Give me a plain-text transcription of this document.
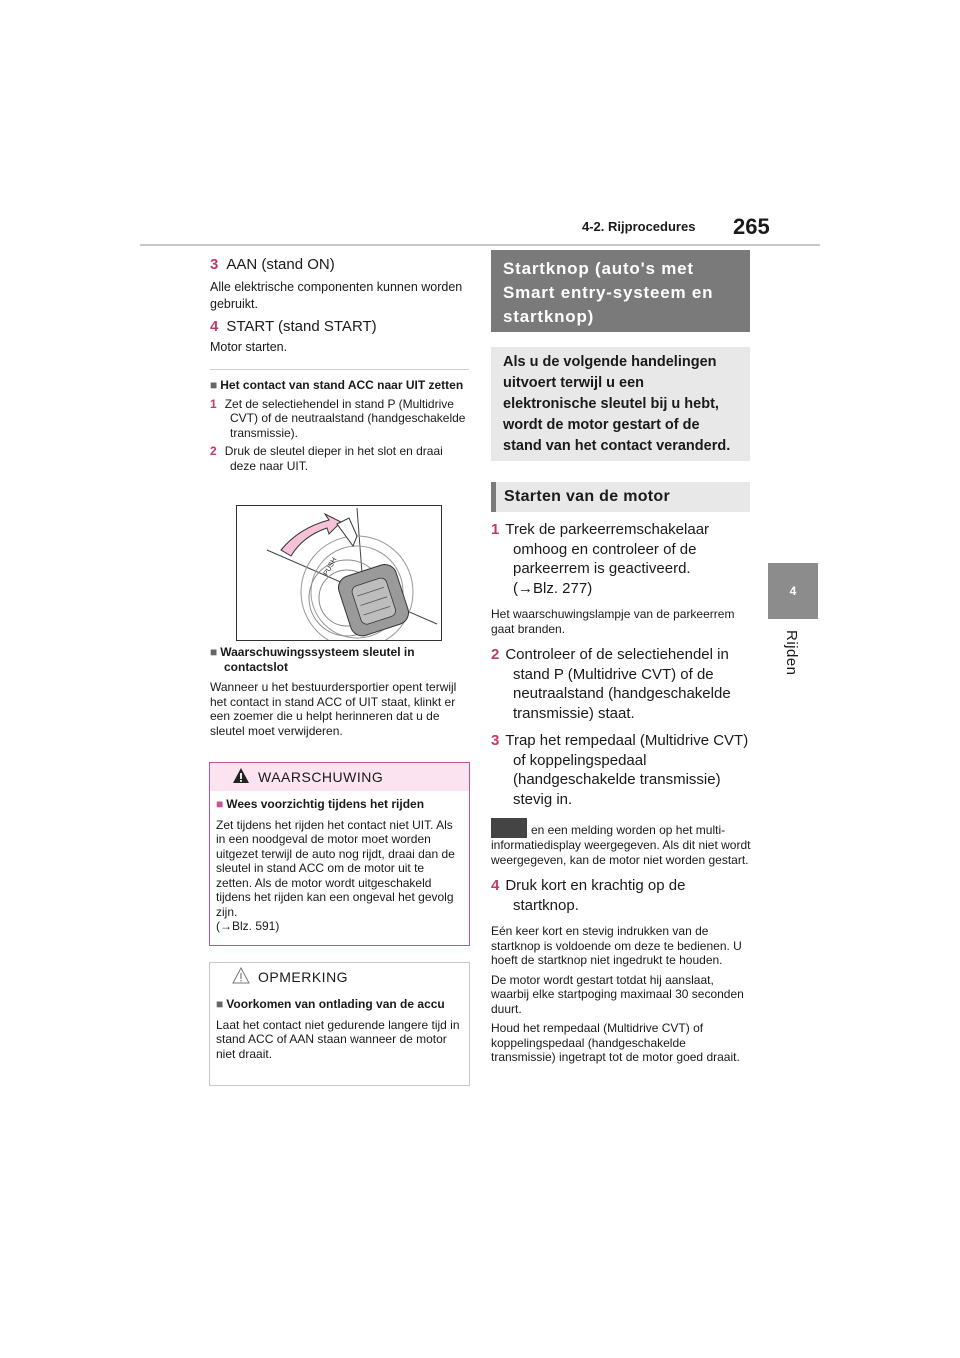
4-2. Rijprocedures 265
4
Rijden
3 AAN (stand ON)
Alle elektrische componenten kunnen worden gebruikt.
4 START (stand START)
Motor starten.
■ Het contact van stand ACC naar UIT zetten
1 Zet de selectiehendel in stand P (Multidrive CVT) of de neutraalstand (handgeschakelde transmissie).
2 Druk de sleutel dieper in het slot en draai deze naar UIT.
PUSH
■ Waarschuwingssysteem sleutel in contactslot
Wanneer u het bestuurdersportier opent terwijl het contact in stand ACC of UIT staat, klinkt er een zoemer die u helpt herinneren dat u de sleutel moet verwijderen.
WAARSCHUWING
■ Wees voorzichtig tijdens het rijden
Zet tijdens het rijden het contact niet UIT. Als in een noodgeval de motor moet worden uitgezet terwijl de auto nog rijdt, draai dan de sleutel in stand ACC om de motor uit te zetten. Als de motor wordt uitgeschakeld tijdens het rijden kan een ongeval het gevolg zijn.
(→Blz. 591)
OPMERKING
■ Voorkomen van ontlading van de accu
Laat het contact niet gedurende langere tijd in stand ACC of AAN staan wanneer de motor niet draait.
Startknop (auto's met Smart entry-systeem en startknop)
Als u de volgende handelingen uitvoert terwijl u een elektronische sleutel bij u hebt, wordt de motor gestart of de stand van het contact veranderd.
Starten van de motor
1 Trek de parkeerremschakelaar omhoog en controleer of de parkeerrem is geactiveerd.
(→Blz. 277)
Het waarschuwingslampje van de parkeerrem gaat branden.
2 Controleer of de selectiehendel in stand P (Multidrive CVT) of de neutraalstand (handgeschakelde transmissie) staat.
3 Trap het rempedaal (Multidrive CVT) of koppelingspedaal (handgeschakelde transmissie) stevig in.
en een melding worden op het multi-informatiedisplay weergegeven. Als dit niet wordt weergegeven, kan de motor niet worden gestart.
4 Druk kort en krachtig op de startknop.
Eén keer kort en stevig indrukken van de startknop is voldoende om deze te bedienen. U hoeft de startknop niet ingedrukt te houden.
De motor wordt gestart totdat hij aanslaat, waarbij elke startpoging maximaal 30 seconden duurt.
Houd het rempedaal (Multidrive CVT) of koppelingspedaal (handgeschakelde transmissie) ingetrapt tot de motor goed draait.
